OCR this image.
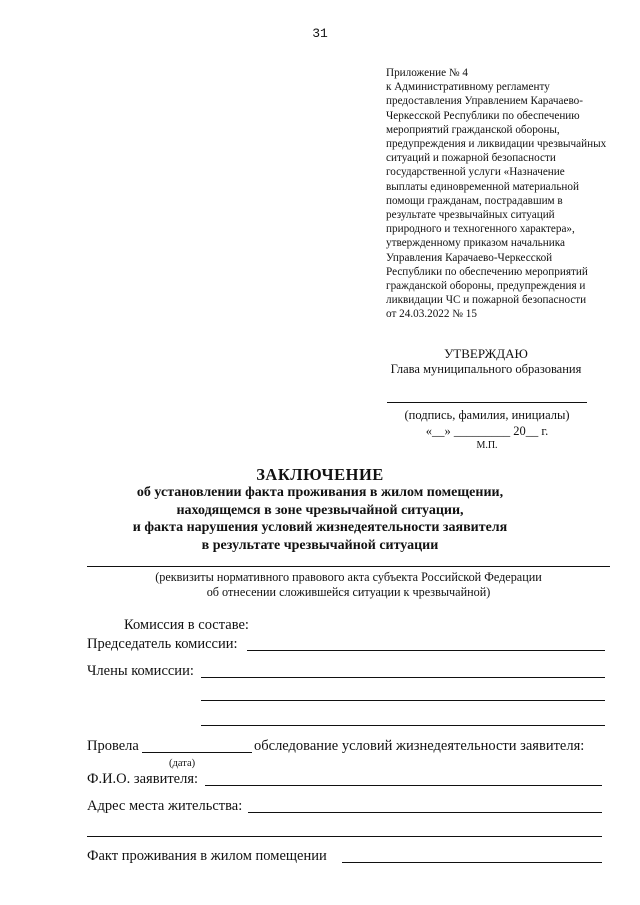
31
Приложение № 4
к Административному регламенту
предоставления Управлением Карачаево-
Черкесской Республики по обеспечению
мероприятий гражданской обороны,
предупреждения и ликвидации чрезвычайных
ситуаций и пожарной безопасности
государственной услуги «Назначение
выплаты единовременной материальной
помощи гражданам, пострадавшим в
результате чрезвычайных ситуаций
природного и техногенного характера»,
утвержденному приказом начальника
Управления Карачаево-Черкесской
Республики по обеспечению мероприятий
гражданской обороны, предупреждения и
ликвидации ЧС и пожарной безопасности
от 24.03.2022 № 15
УТВЕРЖДАЮ
Глава муниципального образования
(подпись, фамилия, инициалы)
«__» _________ 20__ г.
М.П.
ЗАКЛЮЧЕНИЕ
об установлении факта проживания в жилом помещении,
находящемся в зоне чрезвычайной ситуации,
и факта нарушения условий жизнедеятельности заявителя
в результате чрезвычайной ситуации
(реквизиты нормативного правового акта субъекта Российской Федерации
об отнесении сложившейся ситуации к чрезвычайной)
Комиссия в составе:
Председатель комиссии:
Члены комиссии:
Провела	обследование условий жизнедеятельности заявителя:
(дата)
Ф.И.О. заявителя:
Адрес места жительства:
Факт проживания в жилом помещении
